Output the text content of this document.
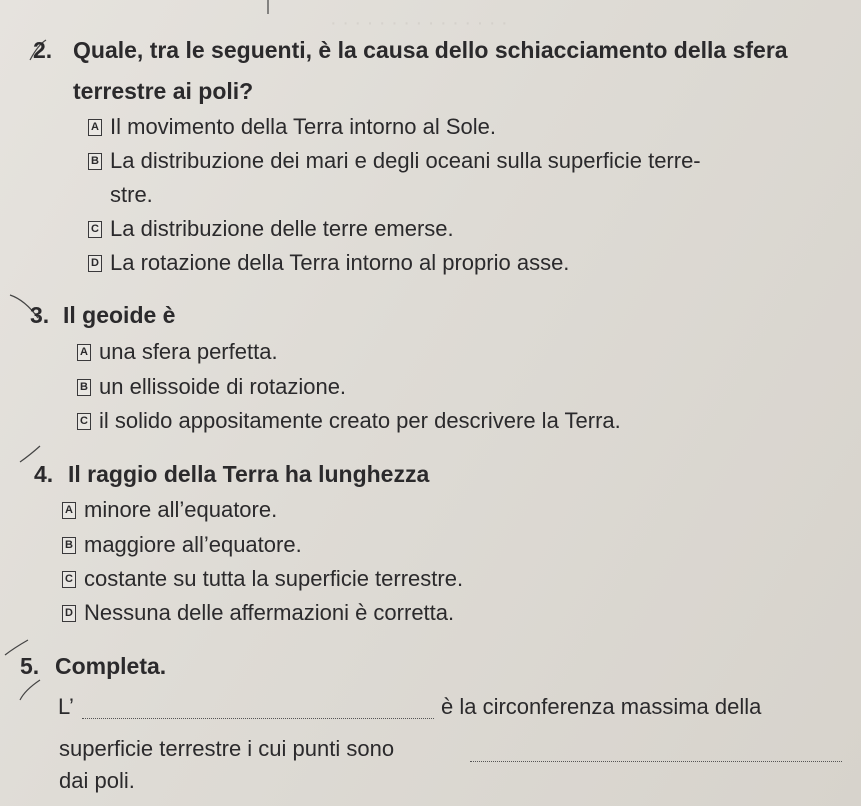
· · · · · · · · · · · · · · ·
2. Quale, tra le seguenti, è la causa dello schiacciamento della sfera
terrestre ai poli?
A Il movimento della Terra intorno al Sole.
B La distribuzione dei mari e degli oceani sulla superficie terre-
stre.
C La distribuzione delle terre emerse.
D La rotazione della Terra intorno al proprio asse.
3. Il geoide è
A una sfera perfetta.
B un ellissoide di rotazione.
C il solido appositamente creato per descrivere la Terra.
4. Il raggio della Terra ha lunghezza
A minore all’equatore.
B maggiore all’equatore.
C costante su tutta la superficie terrestre.
D Nessuna delle affermazioni è corretta.
5. Completa.
L’	è la circonferenza massima della
superficie terrestre i cui punti sono
dai poli.
